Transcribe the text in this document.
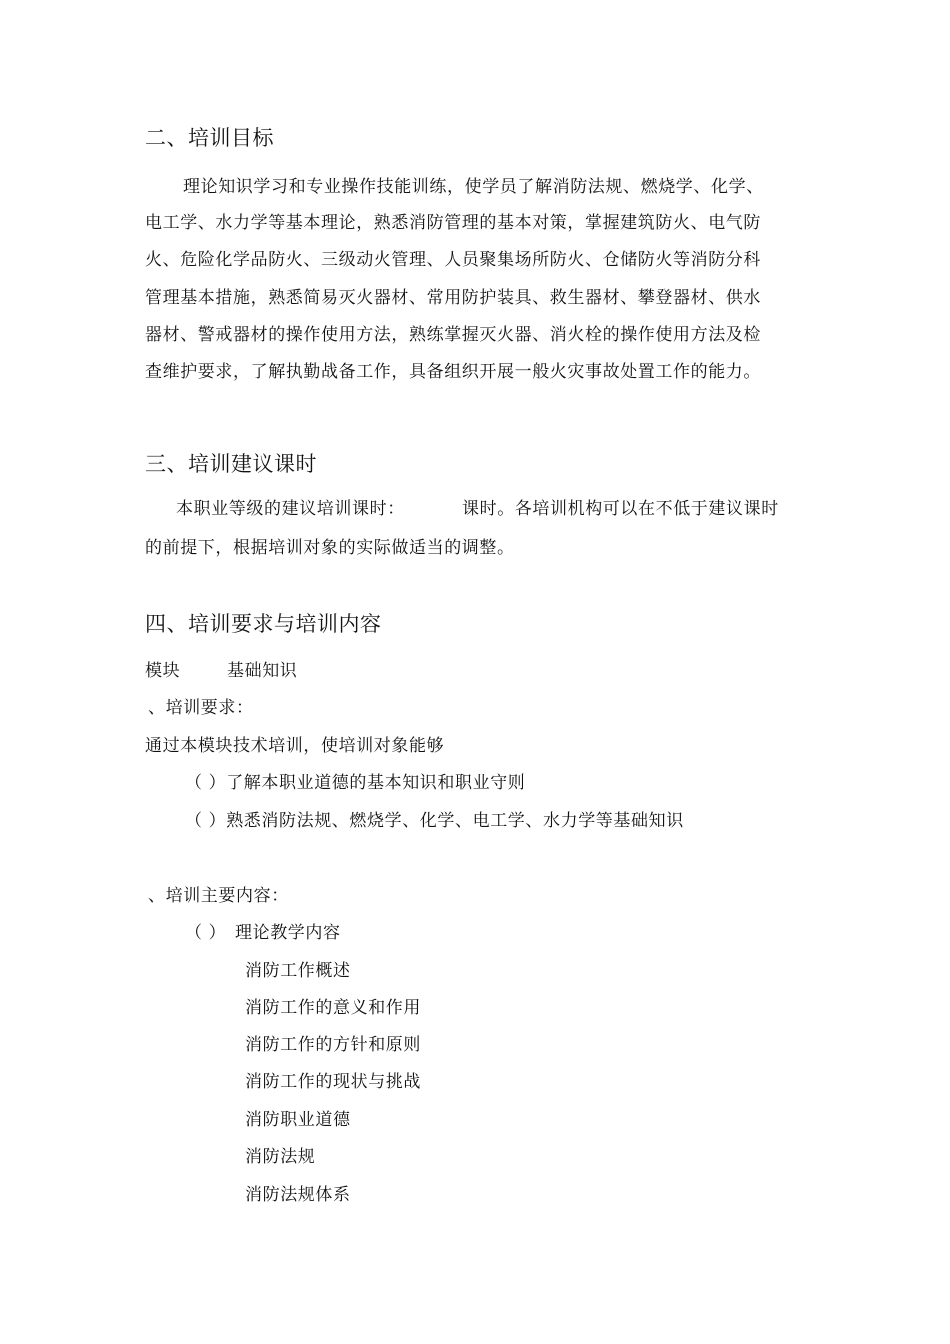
二、培训目标
理论知识学习和专业操作技能训练，使学员了解消防法规、燃烧学、化学、
电工学、水力学等基本理论，熟悉消防管理的基本对策，掌握建筑防火、电气防
火、危险化学品防火、三级动火管理、人员聚集场所防火、仓储防火等消防分科
管理基本措施，熟悉简易灭火器材、常用防护装具、救生器材、攀登器材、供水
器材、警戒器材的操作使用方法，熟练掌握灭火器、消火栓的操作使用方法及检
查维护要求，了解执勤战备工作，具备组织开展一般火灾事故处置工作的能力。
三、培训建议课时
本职业等级的建议培训课时：	课时。各培训机构可以在不低于建议课时
的前提下，根据培训对象的实际做适当的调整。
四、培训要求与培训内容
模块	基础知识
、培训要求：
通过本模块技术培训，使培训对象能够
（ ）了解本职业道德的基本知识和职业守则
（ ）熟悉消防法规、燃烧学、化学、电工学、水力学等基础知识
、培训主要内容：
（ ） 理论教学内容
消防工作概述
消防工作的意义和作用
消防工作的方针和原则
消防工作的现状与挑战
消防职业道德
消防法规
消防法规体系
